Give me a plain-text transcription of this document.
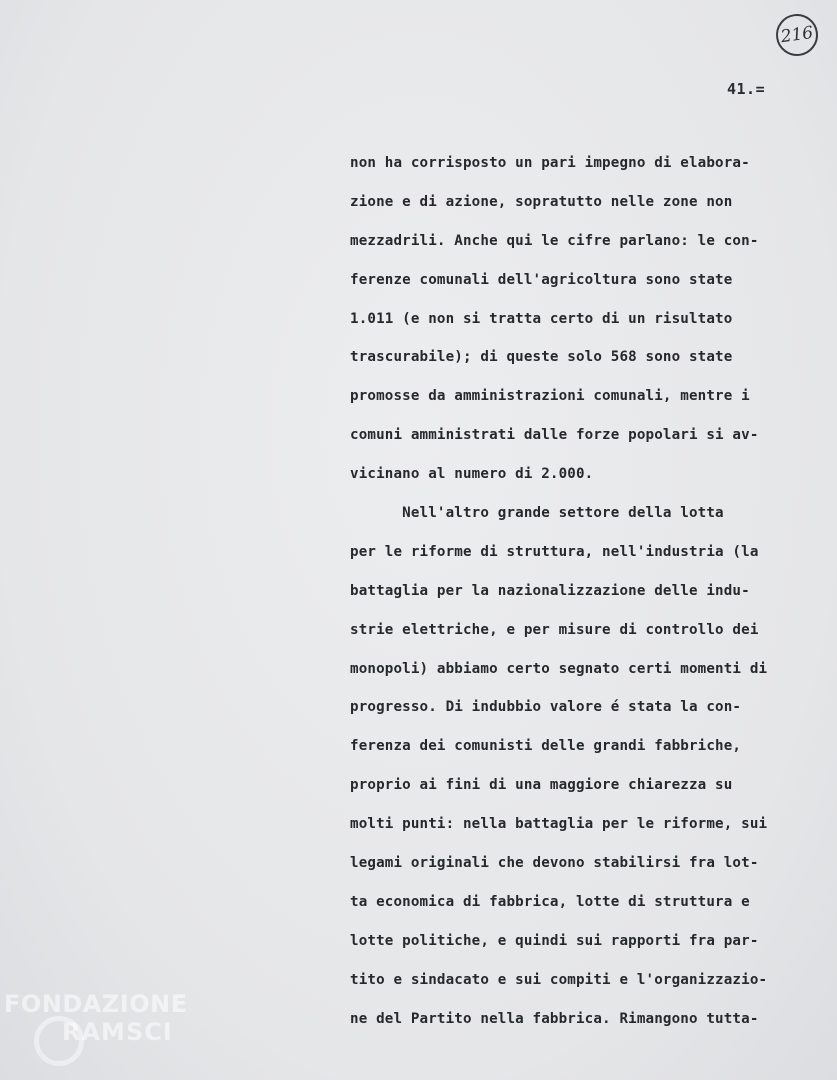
216
41.=
non ha corrisposto un pari impegno di elabora-
zione e di azione, sopratutto nelle zone non
mezzadrili. Anche qui le cifre parlano: le con-
ferenze comunali dell'agricoltura sono state
1.011 (e non si tratta certo di un risultato
trascurabile); di queste solo 568 sono state
promosse da amministrazioni comunali, mentre i
comuni amministrati dalle forze popolari si av-
vicinano al numero di 2.000.
Nell'altro grande settore della lotta
per le riforme di struttura, nell'industria (la
battaglia per la nazionalizzazione delle indu-
strie elettriche, e per misure di controllo dei
monopoli) abbiamo certo segnato certi momenti di
progresso. Di indubbio valore é stata la con-
ferenza dei comunisti delle grandi fabbriche,
proprio ai fini di una maggiore chiarezza su
molti punti: nella battaglia per le riforme, sui
legami originali che devono stabilirsi fra lot-
ta economica di fabbrica, lotte di struttura e
lotte politiche, e quindi sui rapporti fra par-
tito e sindacato e sui compiti e l'organizzazio-
ne del Partito nella fabbrica. Rimangono tutta-
FONDAZIONE
RAMSCI
